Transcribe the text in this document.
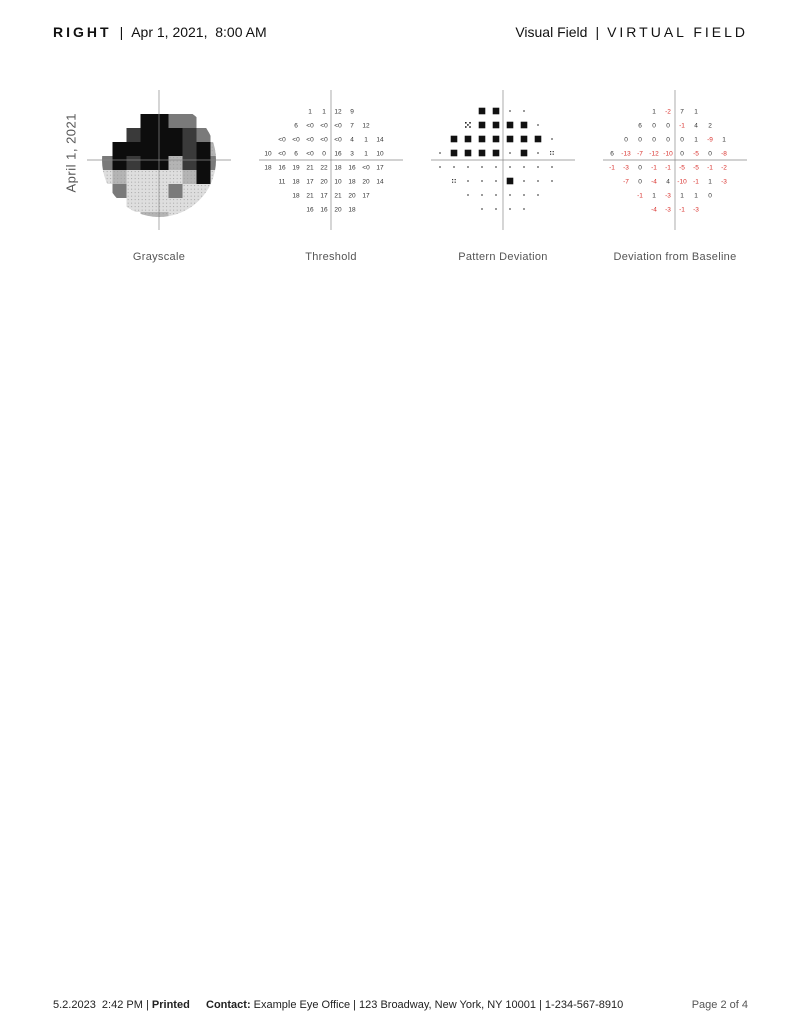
RIGHT | Apr 1, 2021,  8:00 AM	Visual Field | VIRTUAL FIELD
April 1, 2021
1 1 12 9
6 <0 <0 <0 7 12
<0 <0 <0 <0 <0 4 1 14
10 <0 6 <0 0 16 3 1 10
18 16 19 21 22 18 16 <0 17
11 18 17 20 10 18 20 14
18 21 17 21 20 17
16 16 20 18
1 -2 7 1
6 0 0 -1 4 2
0 0 0 0 0 1 -9 1
6 -13 -7 -12 -10 0 -5 0 -8
-1 -3 0 -1 -1 -5 -5 -1 -2
-7 0 -4 4 -10 -1 1 -3
-1 1 -3 1 1 0
-4 -3 -1 -3
Grayscale	Threshold	Pattern Deviation	Deviation from Baseline
5.2.2023  2:42 PM | Printed Contact: Example Eye Office | 123 Broadway, New York, NY 10001 | 1-234-567-8910	Page 2 of 4
